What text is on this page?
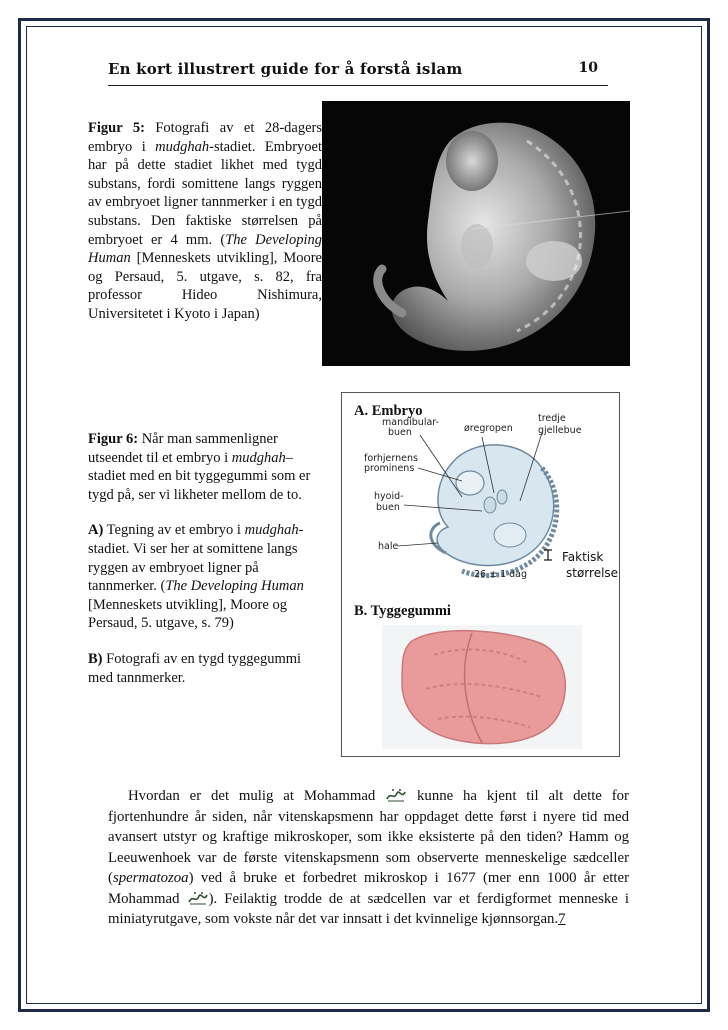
En kort illustrert guide for å forstå islam	10

Figur 5: Fotografi av et 28-dagers embryo i mudghah-stadiet. Embryoet har på dette stadiet likhet med tygd substans, fordi somittene langs ryggen av embryoet ligner tannmerker i en tygd substans. Den faktiske størrelsen på embryoet er 4 mm. (The Developing Human [Menneskets utvikling], Moore og Persaud, 5. utgave, s. 82, fra professor Hideo Nishimura, Universitetet i Kyoto i Japan)

Figur 6: Når man sammenligner utseendet til et embryo i mudghah–stadiet med en bit tyggegummi som er tygd på, ser vi likheter mellom de to.

A) Tegning av et embryo i mudghah-stadiet. Vi ser her at somittene langs ryggen av embryoet ligner på tannmerker. (The Developing Human [Menneskets utvikling], Moore og Persaud, 5. utgave, s. 79)

B) Fotografi av en tygd tyggegummi med tannmerker.

A. Embryo
mandibular-
buen	øregropen
tredje
gjellebue
forhjernens
prominens
hyoid-
buen
hale
26 ± 1 dag
Faktisk
størrelse
B. Tyggegummi

Hvordan er det mulig at Mohammad  kunne ha kjent til alt dette for fjortenhundre år siden, når vitenskapsmenn har oppdaget dette først i nyere tid med avansert utstyr og kraftige mikroskoper, som ikke eksisterte på den tiden? Hamm og Leeuwenhoek var de første vitenskapsmenn som observerte menneskelige sædceller (spermatozoa) ved å bruke et forbedret mikroskop i 1677 (mer enn 1000 år etter Mohammad ). Feilaktig trodde de at sædcellen var et ferdigformet menneske i miniatyrutgave, som vokste når det var innsatt i det kvinnelige kjønnsorgan.7
